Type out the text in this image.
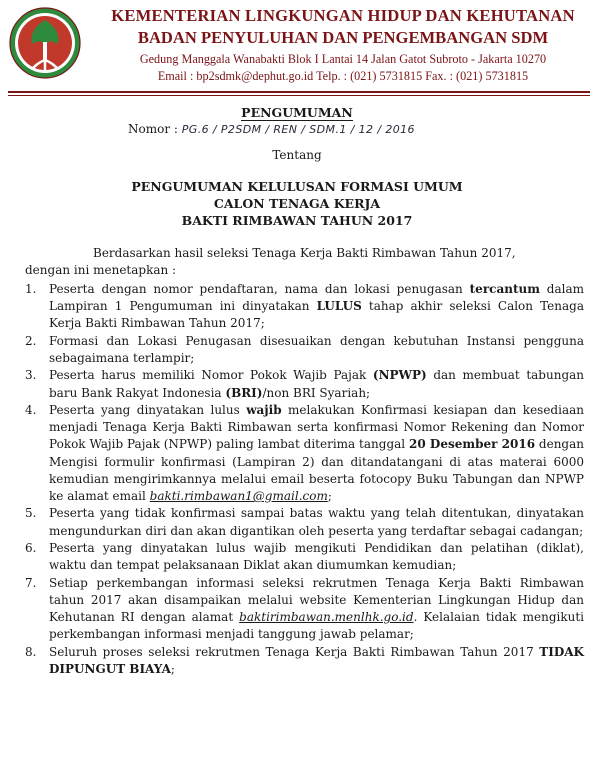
KEMENTERIAN LINGKUNGAN HIDUP DAN KEHUTANAN
BADAN PENYULUHAN DAN PENGEMBANGAN SDM
Gedung Manggala Wanabakti Blok I Lantai 14 Jalan Gatot Subroto - Jakarta 10270
Email : bp2sdmk@dephut.go.id Telp. : (021) 5731815 Fax. : (021) 5731815
PENGUMUMAN
Nomor : PG.6 / P2SDM / REN / SDM.1 / 12 / 2016
Tentang
PENGUMUMAN KELULUSAN FORMASI UMUM
CALON TENAGA KERJA
BAKTI RIMBAWAN TAHUN 2017
Berdasarkan hasil seleksi Tenaga Kerja Bakti Rimbawan Tahun 2017,
dengan ini menetapkan :
1. Peserta dengan nomor pendaftaran, nama dan lokasi penugasan tercantum dalam Lampiran 1 Pengumuman ini dinyatakan LULUS tahap akhir seleksi Calon Tenaga Kerja Bakti Rimbawan Tahun 2017;
2. Formasi dan Lokasi Penugasan disesuaikan dengan kebutuhan Instansi pengguna sebagaimana terlampir;
3. Peserta harus memiliki Nomor Pokok Wajib Pajak (NPWP) dan membuat tabungan baru Bank Rakyat Indonesia (BRI)/non BRI Syariah;
4. Peserta yang dinyatakan lulus wajib melakukan Konfirmasi kesiapan dan kesediaan menjadi Tenaga Kerja Bakti Rimbawan serta konfirmasi Nomor Rekening dan Nomor Pokok Wajib Pajak (NPWP) paling lambat diterima tanggal 20 Desember 2016 dengan Mengisi formulir konfirmasi (Lampiran 2) dan ditandatangani di atas materai 6000 kemudian mengirimkannya melalui email beserta fotocopy Buku Tabungan dan NPWP ke alamat email bakti.rimbawan1@gmail.com;
5. Peserta yang tidak konfirmasi sampai batas waktu yang telah ditentukan, dinyatakan mengundurkan diri dan akan digantikan oleh peserta yang terdaftar sebagai cadangan;
6. Peserta yang dinyatakan lulus wajib mengikuti Pendidikan dan pelatihan (diklat), waktu dan tempat pelaksanaan Diklat akan diumumkan kemudian;
7. Setiap perkembangan informasi seleksi rekrutmen Tenaga Kerja Bakti Rimbawan tahun 2017 akan disampaikan melalui website Kementerian Lingkungan Hidup dan Kehutanan RI dengan alamat baktirimbawan.menlhk.go.id. Kelalaian tidak mengikuti perkembangan informasi menjadi tanggung jawab pelamar;
8. Seluruh proses seleksi rekrutmen Tenaga Kerja Bakti Rimbawan Tahun 2017 TIDAK DIPUNGUT BIAYA;
